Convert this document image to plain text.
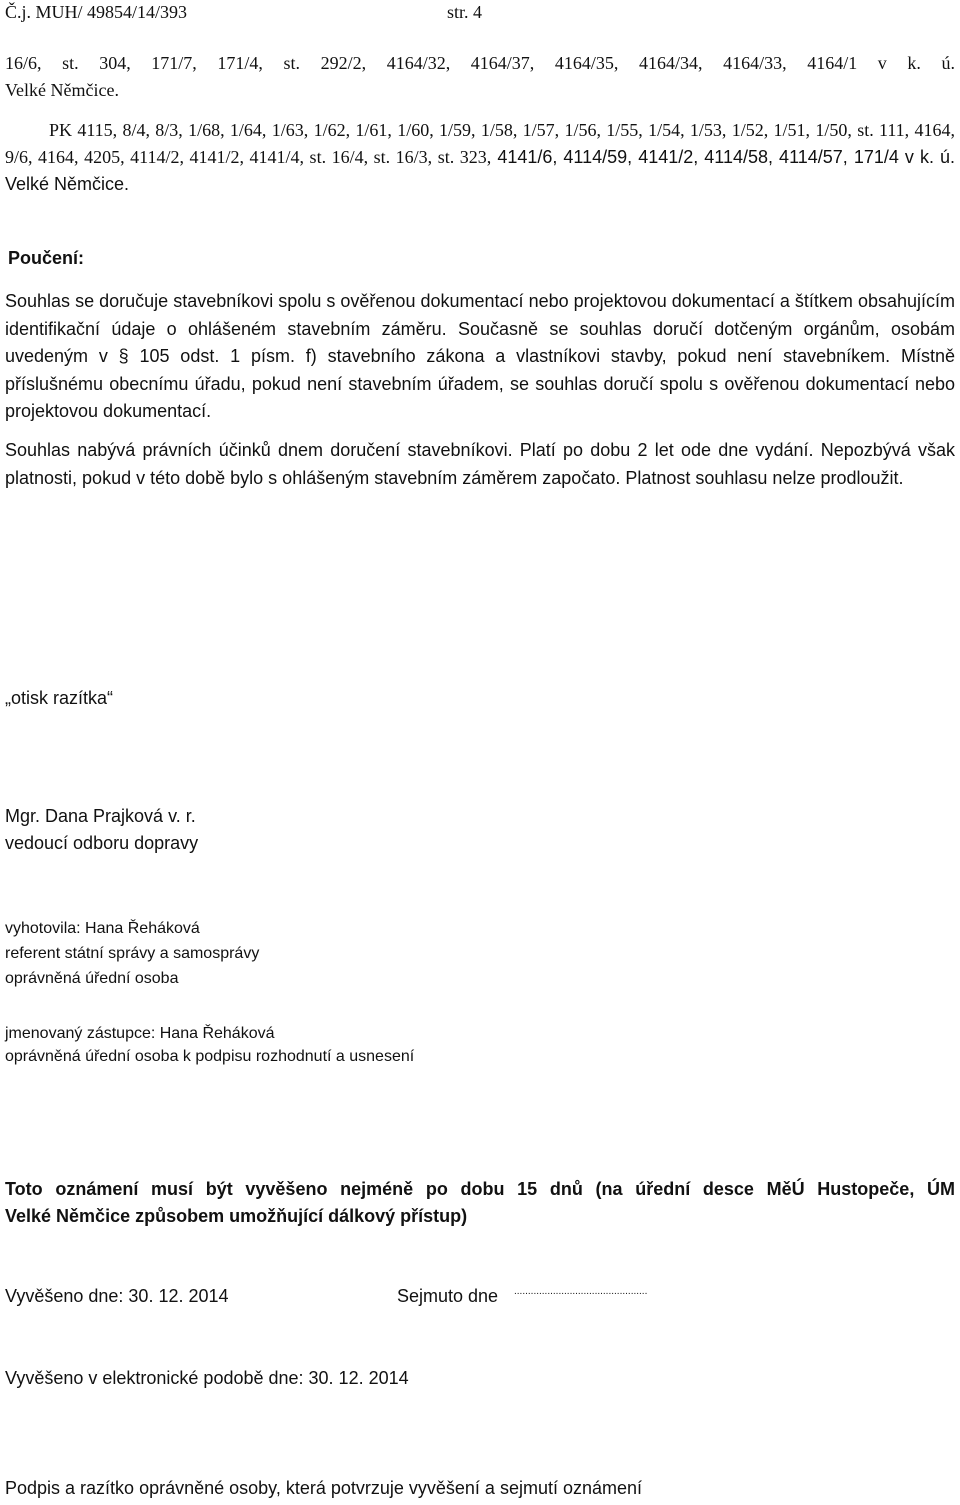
Č.j. MUH/ 49854/14/393	str. 4

16/6, st. 304, 171/7, 171/4, st. 292/2, 4164/32, 4164/37, 4164/35, 4164/34, 4164/33, 4164/1 v k. ú.
Velké Němčice.

PK 4115, 8/4, 8/3, 1/68, 1/64, 1/63, 1/62, 1/61, 1/60, 1/59, 1/58, 1/57, 1/56, 1/55, 1/54, 1/53, 1/52, 1/51, 1/50, st. 111, 4164, 9/6, 4164, 4205, 4114/2, 4141/2, 4141/4, st. 16/4, st. 16/3, st. 323, 4141/6, 4114/59, 4141/2, 4114/58, 4114/57, 171/4 v k. ú. Velké Němčice.

Poučení:

Souhlas se doručuje stavebníkovi spolu s ověřenou dokumentací nebo projektovou dokumentací a štítkem obsahujícím identifikační údaje o ohlášeném stavebním záměru. Současně se souhlas doručí dotčeným orgánům, osobám uvedeným v § 105 odst. 1 písm. f) stavebního zákona a vlastníkovi stavby, pokud není stavebníkem. Místně příslušnému obecnímu úřadu, pokud není stavebním úřadem, se souhlas doručí spolu s ověřenou dokumentací nebo projektovou dokumentací.

Souhlas nabývá právních účinků dnem doručení stavebníkovi. Platí po dobu 2 let ode dne vydání. Nepozbývá však platnosti, pokud v této době bylo s ohlášeným stavebním záměrem započato. Platnost souhlasu nelze prodloužit.

„otisk razítka“
Mgr. Dana Prajková v. r.
vedoucí odboru dopravy
vyhotovila: Hana Řeháková
referent státní správy a samosprávy
oprávněná úřední osoba
jmenovaný zástupce: Hana Řeháková
oprávněná úřední osoba k podpisu rozhodnutí a usnesení

Toto oznámení musí být vyvěšeno nejméně po dobu 15 dnů (na úřední desce MěÚ Hustopeče, ÚM
Velké Němčice způsobem umožňující dálkový přístup)

Vyvěšeno dne: 30. 12. 2014	Sejmuto dne ................................................
Vyvěšeno v elektronické podobě dne: 30. 12. 2014
Podpis a razítko oprávněné osoby, která potvrzuje vyvěšení a sejmutí oznámení
